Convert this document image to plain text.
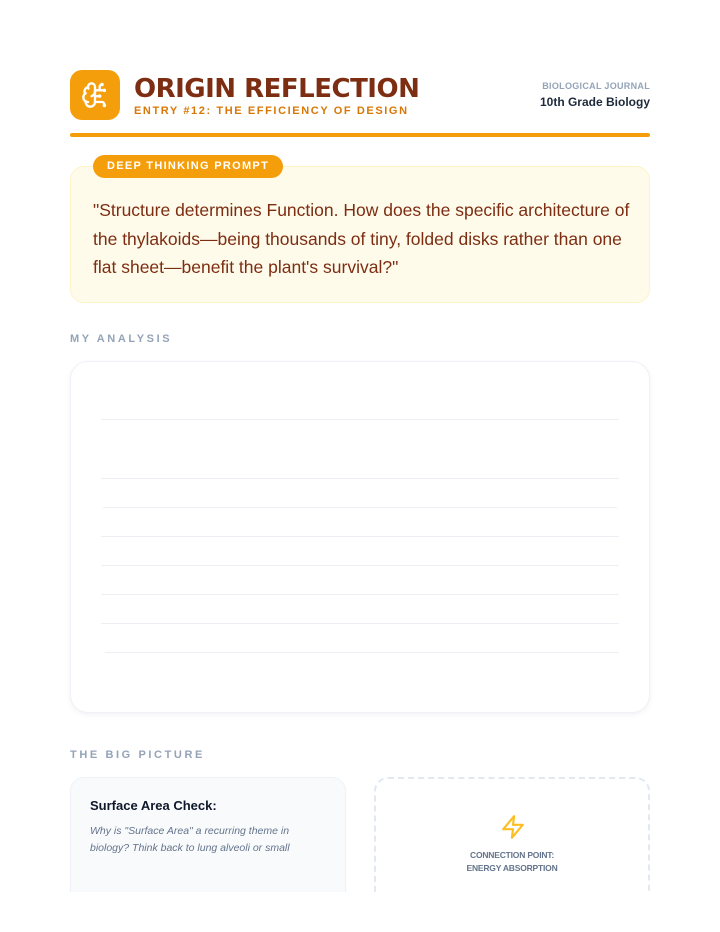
ORIGIN REFLECTION
ENTRY #12: THE EFFICIENCY OF DESIGN
BIOLOGICAL JOURNAL
10th Grade Biology
"Structure determines Function. How does the specific architecture of the thylakoids—being thousands of tiny, folded disks rather than one flat sheet—benefit the plant's survival?"
DEEP THINKING PROMPT
MY ANALYSIS
THE BIG PICTURE
Surface Area Check:
Why is "Surface Area" a recurring theme in biology? Think back to lung alveoli or small
CONNECTION POINT:
ENERGY ABSORPTION
